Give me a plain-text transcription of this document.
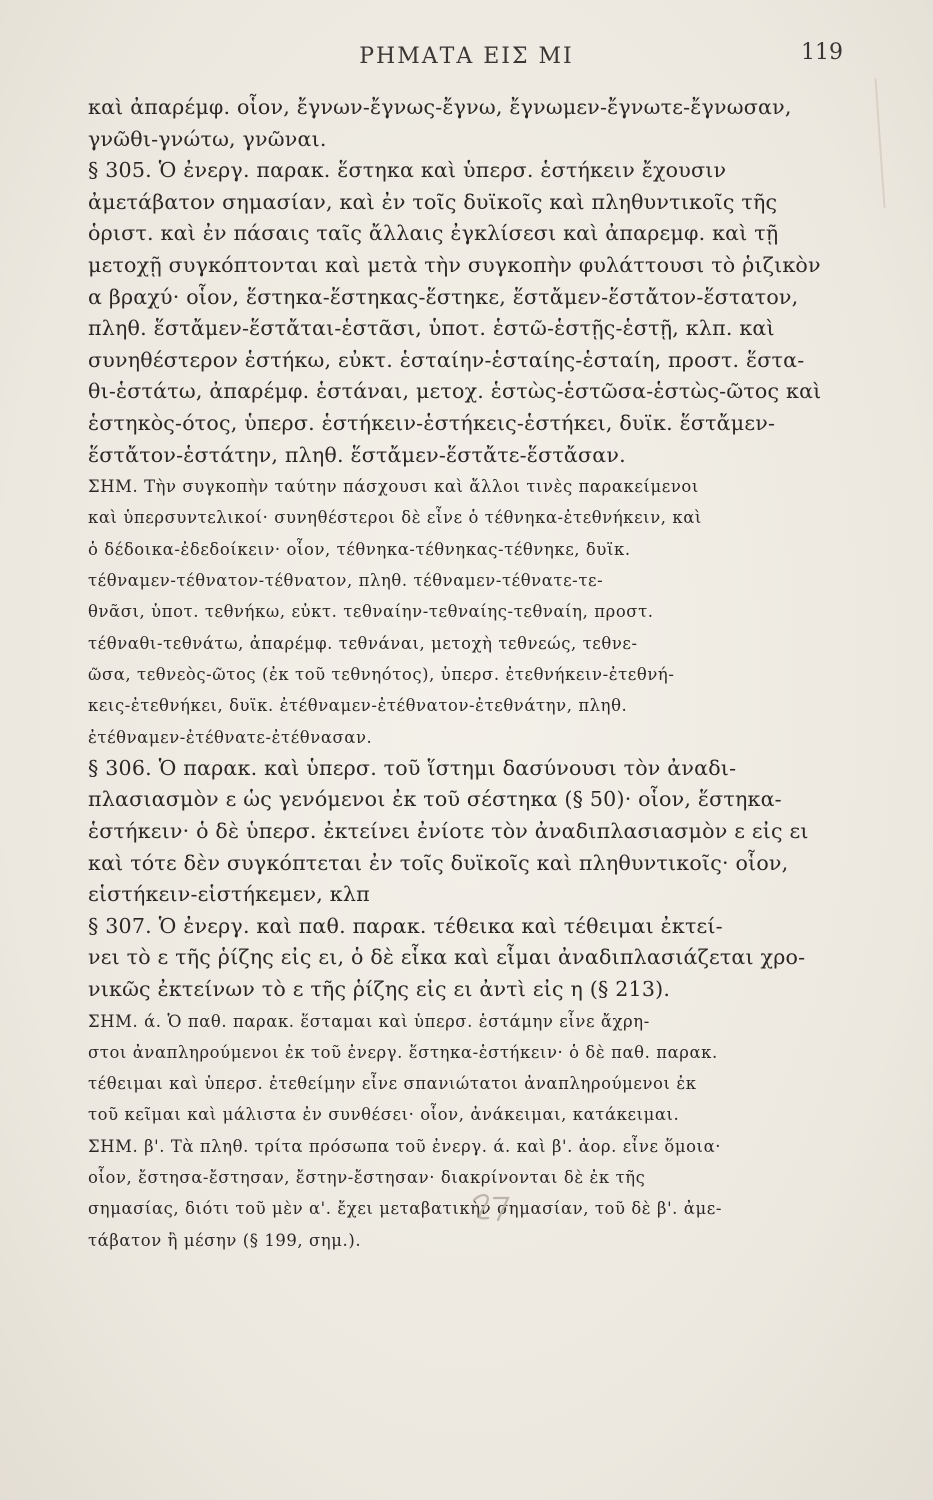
ΡΗΜΑΤΑ ΕΙΣ ΜΙ	119

καὶ ἀπαρέμφ. οἷον, ἔγνων-ἔγνως-ἔγνω, ἔγνωμεν-ἔγνωτε-ἔγνωσαν,

γνῶθι-γνώτω, γνῶναι.

§ 305. Ὁ ἐνεργ. παρακ. ἕστηκα καὶ ὑπερσ. ἑστήκειν ἔχουσιν

ἀμετάβατον σημασίαν, καὶ ἐν τοῖς δυϊκοῖς καὶ πληθυντικοῖς τῆς

ὁριστ. καὶ ἐν πάσαις ταῖς ἄλλαις ἐγκλίσεσι καὶ ἀπαρεμφ. καὶ τῇ

μετοχῇ συγκόπτονται καὶ μετὰ τὴν συγκοπὴν φυλάττουσι τὸ ῥιζικὸν

α βραχύ· οἷον, ἕστηκα-ἕστηκας-ἕστηκε, ἕστἄμεν-ἕστἄτον-ἕστατον,

πληθ. ἕστἄμεν-ἕστἄται-ἑστᾶσι, ὑποτ. ἑστῶ-ἑστῇς-ἑστῇ, κλπ. καὶ

συνηθέστερον ἑστήκω, εὐκτ. ἑσταίην-ἑσταίης-ἑσταίη, προστ. ἕστα-

θι-ἑστάτω, ἀπαρέμφ. ἑστάναι, μετοχ. ἑστὼς-ἑστῶσα-ἑστὼς-ῶτος καὶ

ἑστηκὸς-ότος, ὑπερσ. ἑστήκειν-ἑστήκεις-ἑστήκει, δυϊκ. ἕστἄμεν-

ἕστἄτον-ἑστάτην, πληθ. ἕστἄμεν-ἕστἄτε-ἕστἄσαν.

ΣΗΜ. Τὴν συγκοπὴν ταύτην πάσχουσι καὶ ἄλλοι τινὲς παρακείμενοι

καὶ ὑπερσυντελικοί· συνηθέστεροι δὲ εἶνε ὁ τέθνηκα-ἐτεθνήκειν, καὶ

ὁ δέδοικα-ἐδεδοίκειν· οἷον, τέθνηκα-τέθνηκας-τέθνηκε, δυϊκ.

τέθναμεν-τέθνατον-τέθνατον, πληθ. τέθναμεν-τέθνατε-τε-

θνᾶσι, ὑποτ. τεθνήκω, εὐκτ. τεθναίην-τεθναίης-τεθναίη, προστ.

τέθναθι-τεθνάτω, ἀπαρέμφ. τεθνάναι, μετοχὴ τεθνεώς, τεθνε-

ῶσα, τεθνεὸς-ῶτος (ἐκ τοῦ τεθνηότος), ὑπερσ. ἐτεθνήκειν-ἐτεθνή-

κεις-ἐτεθνήκει, δυϊκ. ἐτέθναμεν-ἐτέθνατον-ἐτεθνάτην, πληθ.

ἐτέθναμεν-ἐτέθνατε-ἐτέθνασαν.

§ 306. Ὁ παρακ. καὶ ὑπερσ. τοῦ ἵστημι δασύνουσι τὸν ἀναδι-

πλασιασμὸν ε ὡς γενόμενοι ἐκ τοῦ σέστηκα (§ 50)· οἷον, ἕστηκα-

ἑστήκειν· ὁ δὲ ὑπερσ. ἐκτείνει ἐνίοτε τὸν ἀναδιπλασιασμὸν ε εἰς ει

καὶ τότε δὲν συγκόπτεται ἐν τοῖς δυϊκοῖς καὶ πληθυντικοῖς· οἷον,

εἱστήκειν-εἱστήκεμεν, κλπ

§ 307. Ὁ ἐνεργ. καὶ παθ. παρακ. τέθεικα καὶ τέθειμαι ἐκτεί-

νει τὸ ε τῆς ῥίζης εἰς ει, ὁ δὲ εἷκα καὶ εἷμαι ἀναδιπλασιάζεται χρο-

νικῶς ἐκτείνων τὸ ε τῆς ῥίζης εἰς ει ἀντὶ εἰς η (§ 213).

ΣΗΜ. ά. Ὁ παθ. παρακ. ἕσταμαι καὶ ὑπερσ. ἑστάμην εἶνε ἄχρη-

στοι ἀναπληρούμενοι ἐκ τοῦ ἐνεργ. ἕστηκα-ἑστήκειν· ὁ δὲ παθ. παρακ.

τέθειμαι καὶ ὑπερσ. ἐτεθείμην εἶνε σπανιώτατοι ἀναπληρούμενοι ἐκ

τοῦ κεῖμαι καὶ μάλιστα ἐν συνθέσει· οἷον, ἀνάκειμαι, κατάκειμαι.

ΣΗΜ. β'. Τὰ πληθ. τρίτα πρόσωπα τοῦ ἐνεργ. ά. καὶ β'. ἀορ. εἶνε ὅμοια·

οἷον, ἔστησα-ἔστησαν, ἔστην-ἔστησαν· διακρίνονται δὲ ἐκ τῆς

σημασίας, διότι τοῦ μὲν α'. ἔχει μεταβατικὴν σημασίαν, τοῦ δὲ β'. ἀμε-

τάβατον ἢ μέσην (§ 199, σημ.).
